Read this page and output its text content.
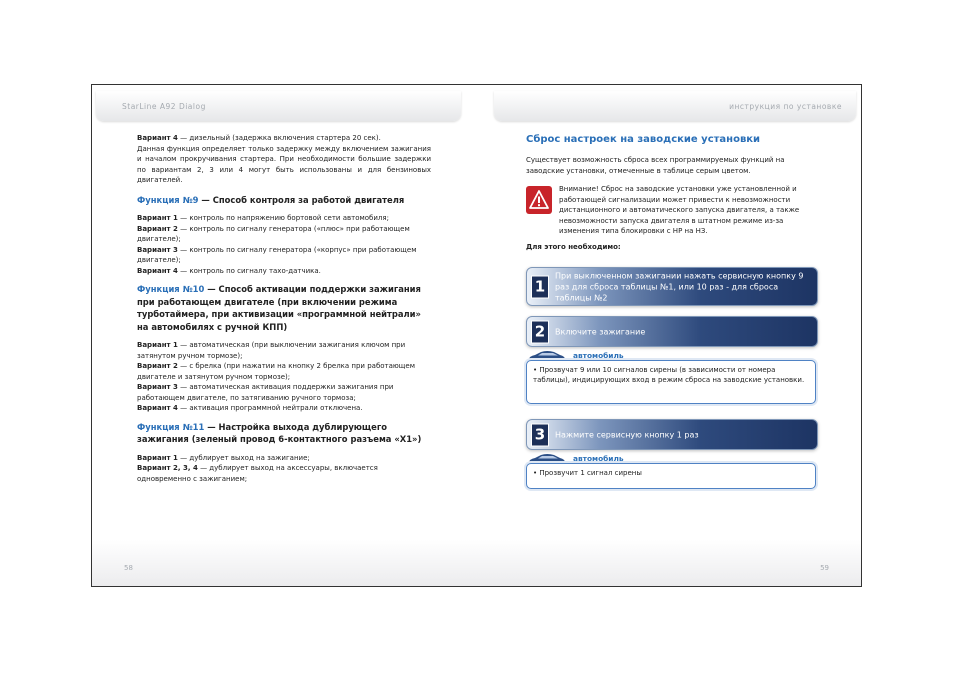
StarLine A92 Dialog	инструкция по установке
58	59

Вариант 4 — дизельный (задержка включения стартера 20 сек).

Данная функция определяет только задержку между включением зажигания и началом прокручивания стартера. При необходимости большие задержки по вариантам 2, 3 или 4 могут быть использованы и для бензиновых двигателей.

Функция №9 — Способ контроля за работой двигателя

Вариант 1 — контроль по напряжению бортовой сети автомобиля;

Вариант 2 — контроль по сигналу генератора («плюс» при работающем двигателе);

Вариант 3 — контроль по сигналу генератора («корпус» при работающем двигателе);

Вариант 4 — контроль по сигналу тахо-датчика.

Функция №10 — Способ активации поддержки зажигания при работающем двигателе (при включении режима турботаймера, при активизации «программной нейтрали» на автомобилях с ручной КПП)

Вариант 1 — автоматическая (при выключении зажигания ключом при затянутом ручном тормозе);

Вариант 2 — с брелка (при нажатии на кнопку 2 брелка при работающем двигателе и затянутом ручном тормозе);

Вариант 3 — автоматическая активация поддержки зажигания при работающем двигателе, по затягиванию ручного тормоза;

Вариант 4 — активация программной нейтрали отключена.

Функция №11 — Настройка выхода дублирующего зажигания (зеленый провод 6-контактного разъема «Х1»)

Вариант 1 — дублирует выход на зажигание;

Вариант 2, 3, 4 — дублирует выход на аксессуары, включается одновременно с зажиганием;

Сброс настроек на заводские установки

Существует возможность сброса всех программируемых функций на заводские установки, отмеченные в таблице серым цветом.

Внимание! Сброс на заводские установки уже установленной и работающей сигнализации может привести к невозможности дистанционного и автоматического запуска двигателя, а также невозможности запуска двигателя в штатном режиме из-за изменения типа блокировки с НР на НЗ.

Для этого необходимо:
1
При выключенном зажигании нажать сервисную кнопку 9 раз для сброса таблицы №1, или 10 раз - для сброса таблицы №2
2	Включите зажигание
автомобиль
• Прозвучат 9 или 10 сигналов сирены (в зависимости от номера таблицы), индицирующих вход в режим сброса на заводские установки.
3	Нажмите сервисную кнопку 1 раз
автомобиль
• Прозвучит 1 сигнал сирены
